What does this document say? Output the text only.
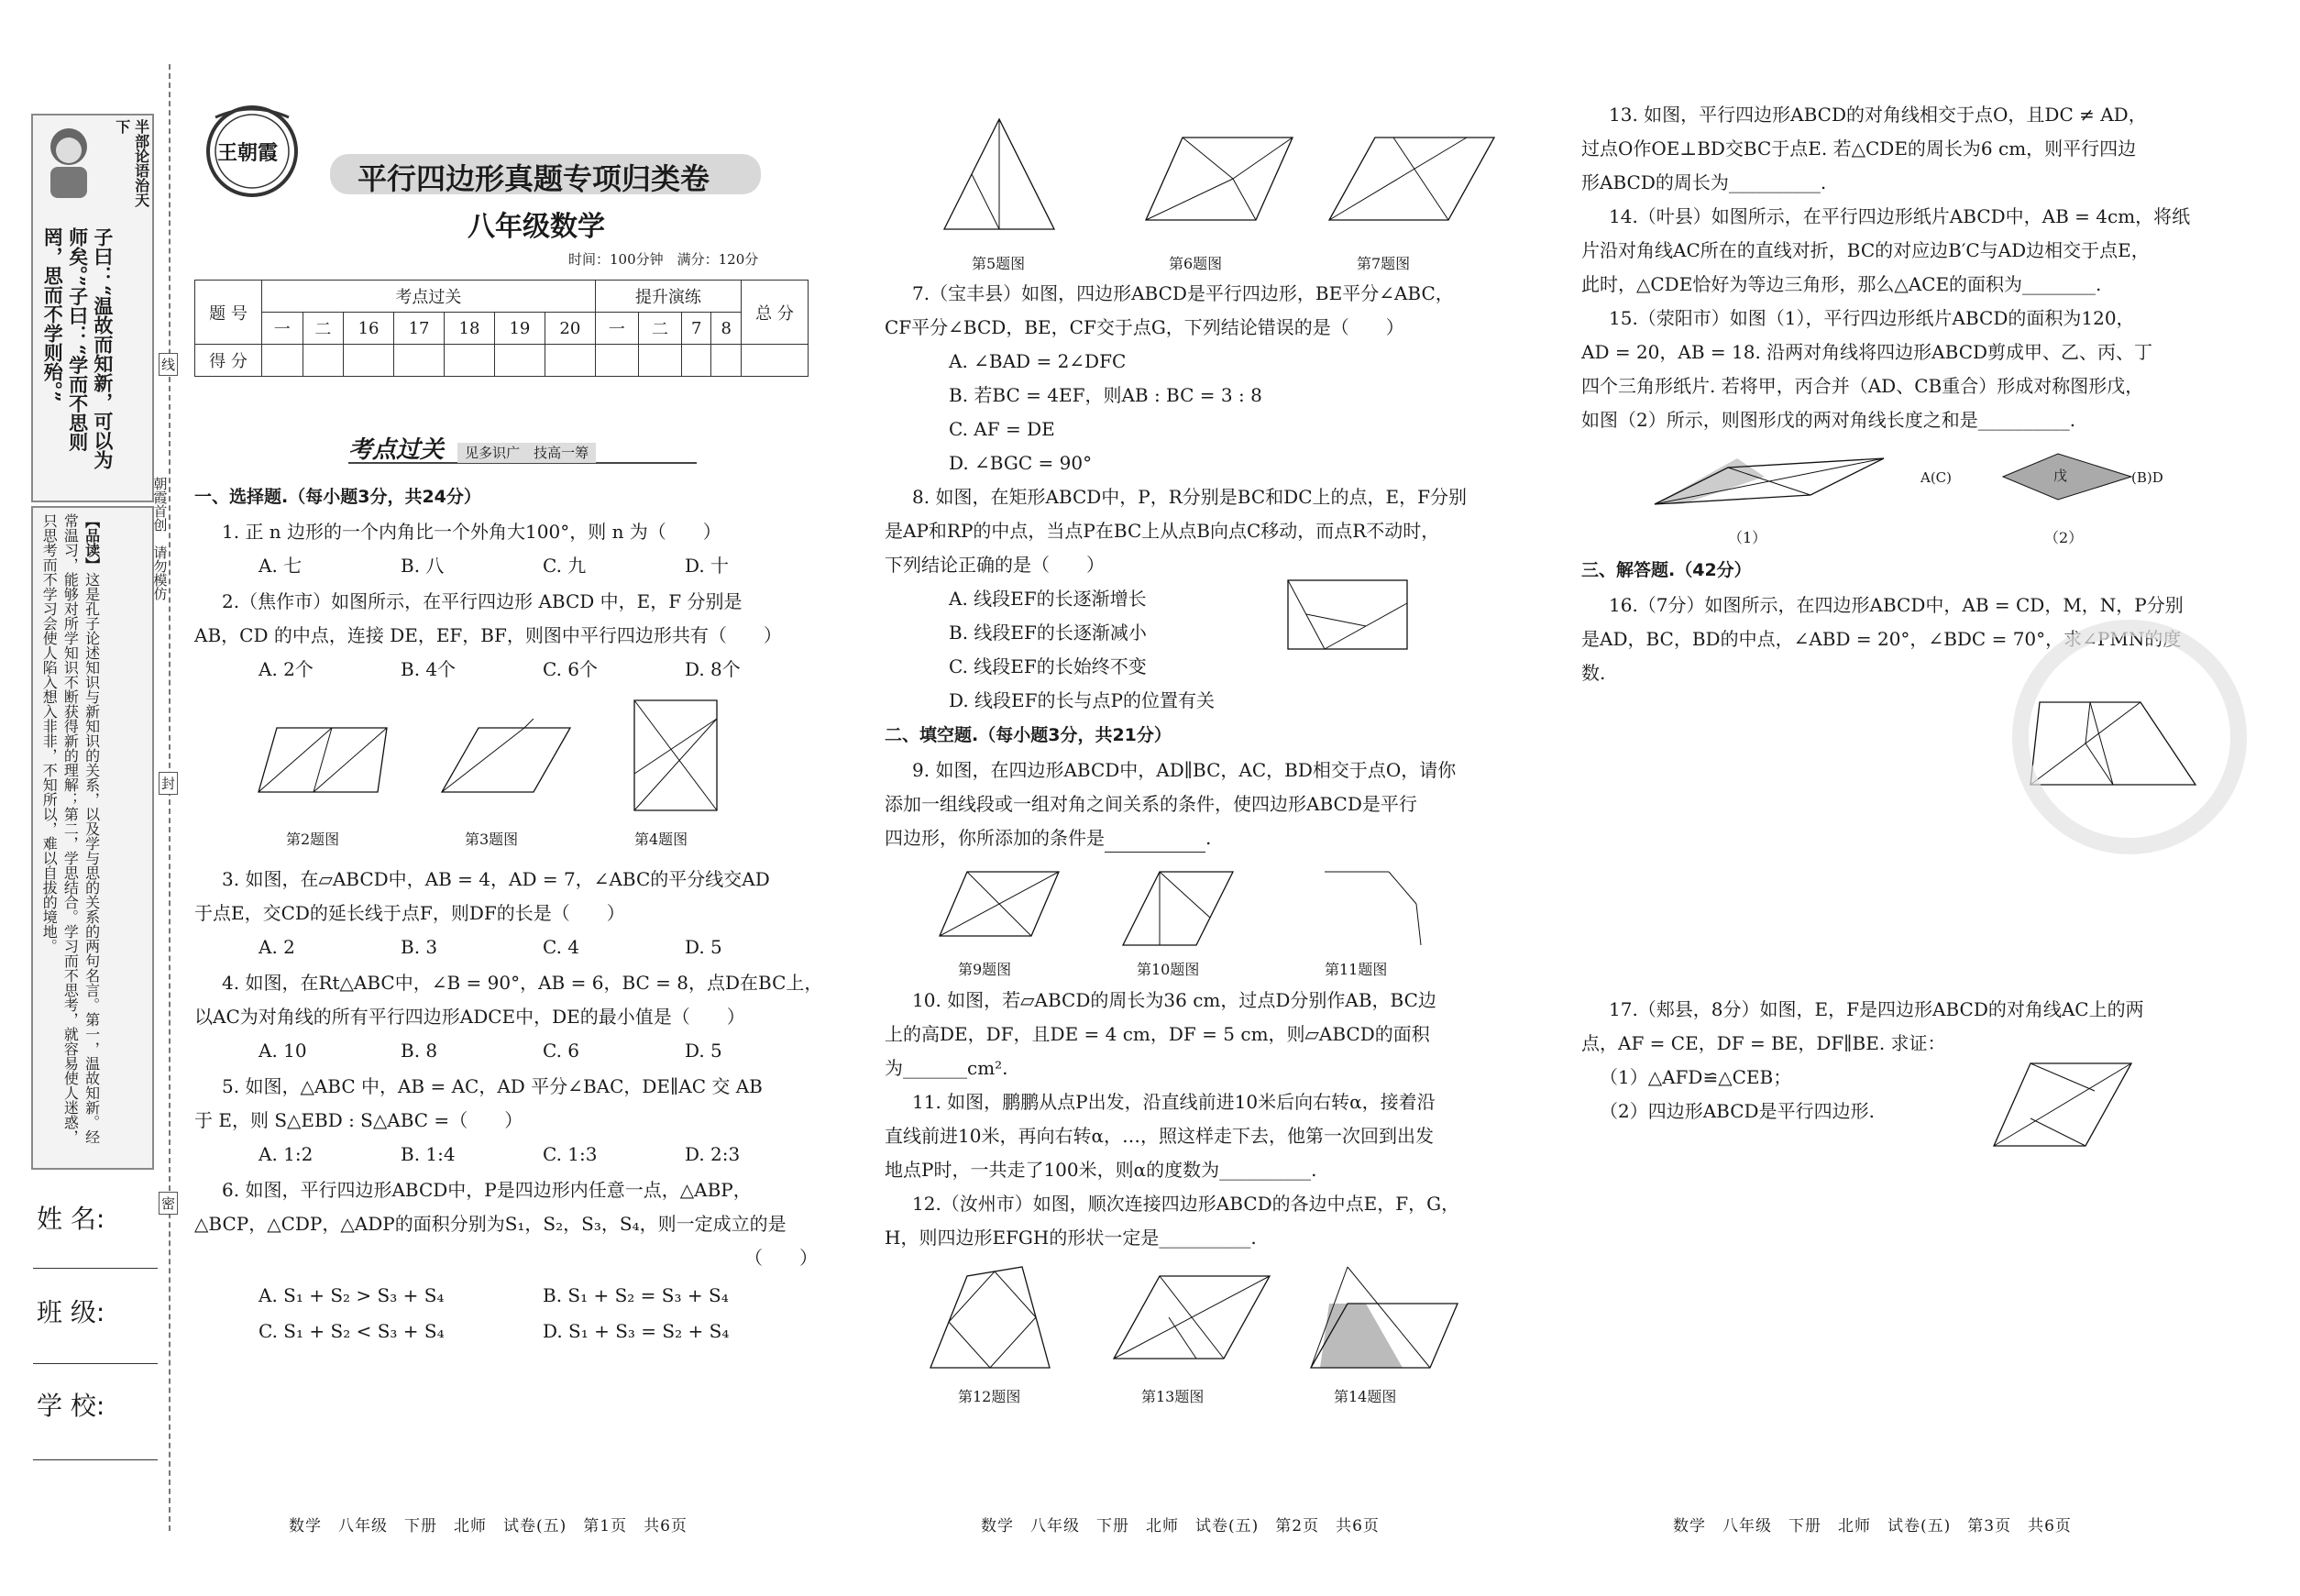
半部论语治天下
子曰：“温故而知新，可以为师矣。”子曰：“学而不思则罔，思而不学则殆。”
【品读】这是孔子论述知识与新知识的关系，以及学与思的关系的两句名言。第一，温故知新。经常温习，能够对所学知识不断获得新的理解；第二，学思结合。学习而不思考，就容易使人迷惑，只思考而不学习会使人陷入想入非非，不知所以，难以自拔的境地。
姓 名:
班 级:
学 校:
线
封
密
朝霞首创　请勿模仿
王朝霞
平行四边形真题专项归类卷
八年级数学
时间：100分钟　满分：120分
题 号	考点过关							提升演练				总 分
	一	二	16	17	18	19	20	一	二	7	8	
得 分												
考点过关 见多识广　技高一筹
一、选择题.（每小题3分，共24分）
1. 正 n 边形的一个内角比一个外角大100°，则 n 为（　　）
A. 七	B. 八	C. 九	D. 十
2.（焦作市）如图所示，在平行四边形 ABCD 中，E，F 分别是
AB，CD 的中点，连接 DE，EF，BF，则图中平行四边形共有（　　）
A. 2个	B. 4个	C. 6个	D. 8个
第2题图	第3题图	第4题图
3. 如图，在▱ABCD中，AB = 4，AD = 7，∠ABC的平分线交AD
于点E，交CD的延长线于点F，则DF的长是（　　）
A. 2	B. 3	C. 4	D. 5
4. 如图，在Rt△ABC中，∠B = 90°，AB = 6，BC = 8，点D在BC上，
以AC为对角线的所有平行四边形ADCE中，DE的最小值是（　　）
A. 10	B. 8	C. 6	D. 5
5. 如图，△ABC 中，AB = AC，AD 平分∠BAC，DE∥AC 交 AB
于 E，则 S△EBD : S△ABC =（　　）
A. 1:2	B. 1:4	C. 1:3	D. 2:3
6. 如图，平行四边形ABCD中，P是四边形内任意一点，△ABP，
△BCP，△CDP，△ADP的面积分别为S₁，S₂，S₃，S₄，则一定成立的是
（　　）
A. S₁ + S₂ > S₃ + S₄	B. S₁ + S₂ = S₃ + S₄
C. S₁ + S₂ < S₃ + S₄	D. S₁ + S₃ = S₂ + S₄
第5题图	第6题图	第7题图
7.（宝丰县）如图，四边形ABCD是平行四边形，BE平分∠ABC，
CF平分∠BCD，BE，CF交于点G，下列结论错误的是（　　）
A. ∠BAD = 2∠DFC
B. 若BC = 4EF，则AB : BC = 3 : 8
C. AF = DE
D. ∠BGC = 90°
8. 如图，在矩形ABCD中，P，R分别是BC和DC上的点，E，F分别
是AP和RP的中点，当点P在BC上从点B向点C移动，而点R不动时，
下列结论正确的是（　　）
A. 线段EF的长逐渐增长
B. 线段EF的长逐渐减小
C. 线段EF的长始终不变
D. 线段EF的长与点P的位置有关
二、填空题.（每小题3分，共21分）
9. 如图，在四边形ABCD中，AD∥BC，AC，BD相交于点O，请你
添加一组线段或一组对角之间关系的条件，使四边形ABCD是平行
四边形，你所添加的条件是	.
第9题图	第10题图	第11题图
10. 如图，若▱ABCD的周长为36 cm，过点D分别作AB，BC边
上的高DE，DF，且DE = 4 cm，DF = 5 cm，则▱ABCD的面积
为_______cm².
11. 如图，鹏鹏从点P出发，沿直线前进10米后向右转α，接着沿
直线前进10米，再向右转α，…，照这样走下去，他第一次回到出发
地点P时，一共走了100米，则α的度数为__________.
12.（汝州市）如图，顺次连接四边形ABCD的各边中点E，F，G，
H，则四边形EFGH的形状一定是__________.
第12题图	第13题图	第14题图
13. 如图，平行四边形ABCD的对角线相交于点O，且DC ≠ AD，
过点O作OE⊥BD交BC于点E. 若△CDE的周长为6 cm，则平行四边
形ABCD的周长为__________.
14.（叶县）如图所示，在平行四边形纸片ABCD中，AB = 4cm，将纸
片沿对角线AC所在的直线对折，BC的对应边B′C与AD边相交于点E，
此时，△CDE恰好为等边三角形，那么△ACE的面积为________.
15.（荥阳市）如图（1），平行四边形纸片ABCD的面积为120，
AD = 20，AB = 18. 沿两对角线将四边形ABCD剪成甲、乙、丙、丁
四个三角形纸片. 若将甲，丙合并（AD、CB重合）形成对称图形戊，
如图（2）所示，则图形戊的两对角线长度之和是__________.
（1）
A(C)	(B)D
戊
（2）
三、解答题.（42分）
16.（7分）如图所示，在四边形ABCD中，AB = CD，M，N，P分别
是AD，BC，BD的中点，∠ABD = 20°，∠BDC = 70°，求∠PMN的度
数.
17.（郏县，8分）如图，E，F是四边形ABCD的对角线AC上的两
点，AF = CE，DF = BE，DF∥BE. 求证：
（1）△AFD≌△CEB；
（2）四边形ABCD是平行四边形.
数学　八年级　下册　北师　试卷(五)　第1页　共6页	数学　八年级　下册　北师　试卷(五)　第2页　共6页	数学　八年级　下册　北师　试卷(五)　第3页　共6页
